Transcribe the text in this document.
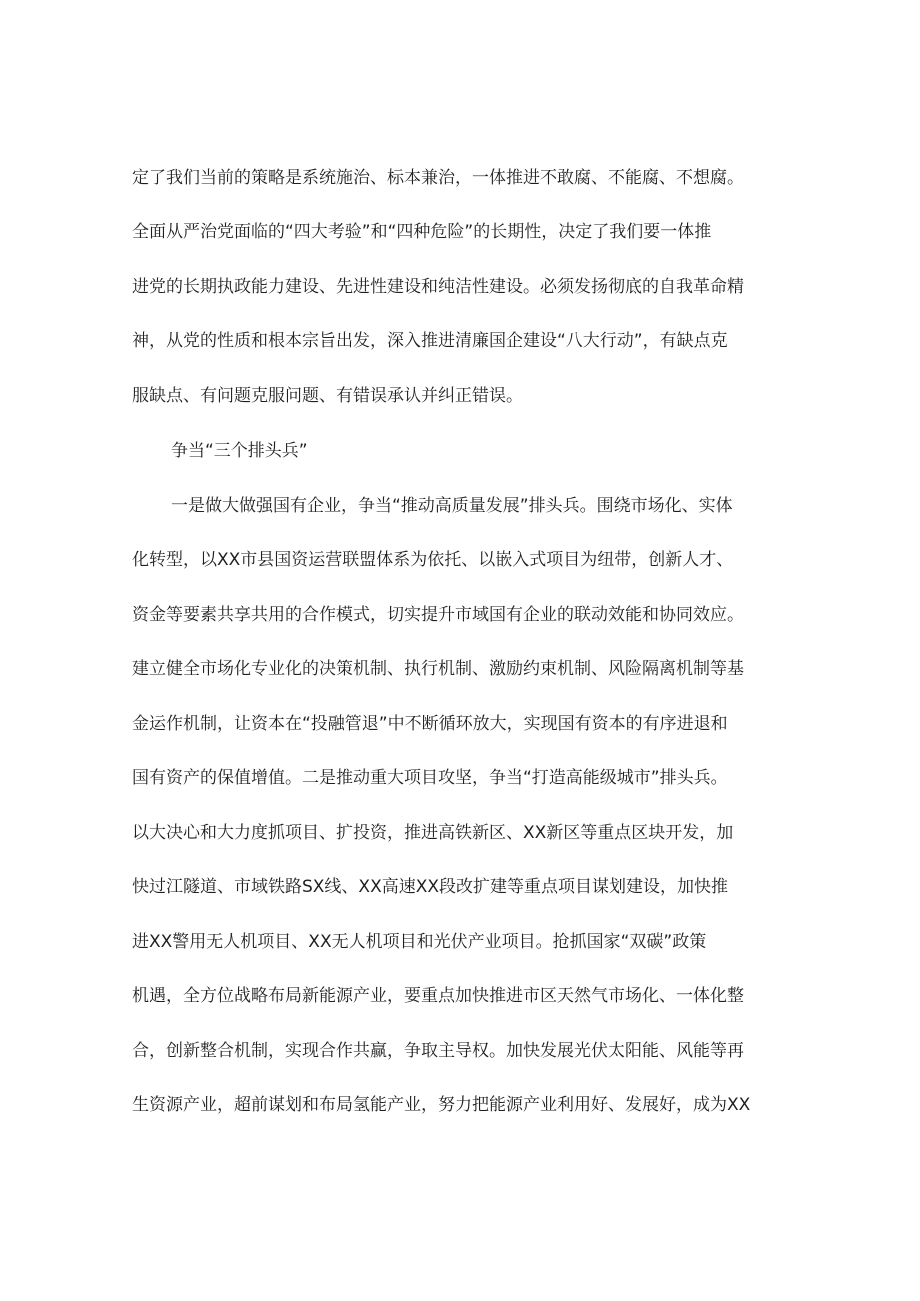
定了我们当前的策略是系统施治、标本兼治，一体推进不敢腐、不能腐、不想腐。
全面从严治党面临的“四大考验”和“四种危险”的长期性，决定了我们要一体推
进党的长期执政能力建设、先进性建设和纯洁性建设。必须发扬彻底的自我革命精
神，从党的性质和根本宗旨出发，深入推进清廉国企建设“八大行动”，有缺点克
服缺点、有问题克服问题、有错误承认并纠正错误。
争当“三个排头兵”
一是做大做强国有企业，争当“推动高质量发展”排头兵。围绕市场化、实体
化转型，以XX市县国资运营联盟体系为依托、以嵌入式项目为纽带，创新人才、
资金等要素共享共用的合作模式，切实提升市域国有企业的联动效能和协同效应。
建立健全市场化专业化的决策机制、执行机制、激励约束机制、风险隔离机制等基
金运作机制，让资本在“投融管退”中不断循环放大，实现国有资本的有序进退和
国有资产的保值增值。二是推动重大项目攻坚，争当“打造高能级城市”排头兵。
以大决心和大力度抓项目、扩投资，推进高铁新区、XX新区等重点区块开发，加
快过江隧道、市域铁路SX线、XX高速XX段改扩建等重点项目谋划建设，加快推
进XX警用无人机项目、XX无人机项目和光伏产业项目。抢抓国家“双碳”政策
机遇，全方位战略布局新能源产业，要重点加快推进市区天然气市场化、一体化整
合，创新整合机制，实现合作共赢，争取主导权。加快发展光伏太阳能、风能等再
生资源产业，超前谋划和布局氢能产业，努力把能源产业利用好、发展好，成为XX
